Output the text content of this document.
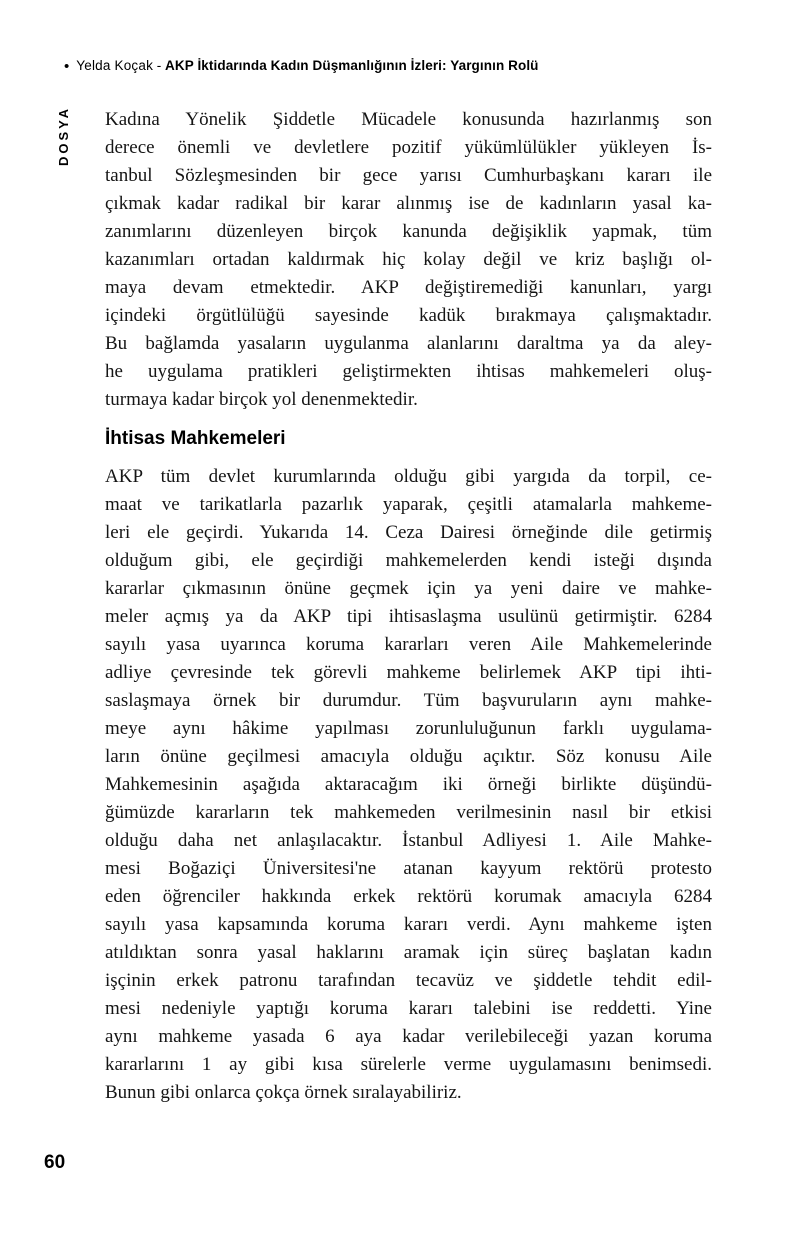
• Yelda Koçak - AKP İktidarında Kadın Düşmanlığının İzleri: Yargının Rolü
DOSYA Kadına Yönelik Şiddetle Mücadele konusunda hazırlanmış son
derece önemli ve devletlere pozitif yükümlülükler yükleyen İs-
tanbul Sözleşmesinden bir gece yarısı Cumhurbaşkanı kararı ile
çıkmak kadar radikal bir karar alınmış ise de kadınların yasal ka-
zanımlarını düzenleyen birçok kanunda değişiklik yapmak, tüm
kazanımları ortadan kaldırmak hiç kolay değil ve kriz başlığı ol-
maya devam etmektedir. AKP değiştiremediği kanunları, yargı
içindeki örgütlülüğü sayesinde kadük bırakmaya çalışmaktadır.
Bu bağlamda yasaların uygulanma alanlarını daraltma ya da aley-
he uygulama pratikleri geliştirmekten ihtisas mahkemeleri oluş-
turmaya kadar birçok yol denenmektedir.
İhtisas Mahkemeleri
AKP tüm devlet kurumlarında olduğu gibi yargıda da torpil, ce-
maat ve tarikatlarla pazarlık yaparak, çeşitli atamalarla mahkeme-
leri ele geçirdi. Yukarıda 14. Ceza Dairesi örneğinde dile getirmiş
olduğum gibi, ele geçirdiği mahkemelerden kendi isteği dışında
kararlar çıkmasının önüne geçmek için ya yeni daire ve mahke-
meler açmış ya da AKP tipi ihtisaslaşma usulünü getirmiştir. 6284
sayılı yasa uyarınca koruma kararları veren Aile Mahkemelerinde
adliye çevresinde tek görevli mahkeme belirlemek AKP tipi ihti-
saslaşmaya örnek bir durumdur. Tüm başvuruların aynı mahke-
meye aynı hâkime yapılması zorunluluğunun farklı uygulama-
ların önüne geçilmesi amacıyla olduğu açıktır. Söz konusu Aile
Mahkemesinin aşağıda aktaracağım iki örneği birlikte düşündü-
ğümüzde kararların tek mahkemeden verilmesinin nasıl bir etkisi
olduğu daha net anlaşılacaktır. İstanbul Adliyesi 1. Aile Mahke-
mesi Boğaziçi Üniversitesi'ne atanan kayyum rektörü protesto
eden öğrenciler hakkında erkek rektörü korumak amacıyla 6284
sayılı yasa kapsamında koruma kararı verdi. Aynı mahkeme işten
atıldıktan sonra yasal haklarını aramak için süreç başlatan kadın
işçinin erkek patronu tarafından tecavüz ve şiddetle tehdit edil-
mesi nedeniyle yaptığı koruma kararı talebini ise reddetti. Yine
aynı mahkeme yasada 6 aya kadar verilebileceği yazan koruma
kararlarını 1 ay gibi kısa sürelerle verme uygulamasını benimsedi.
Bunun gibi onlarca çokça örnek sıralayabiliriz.
60
